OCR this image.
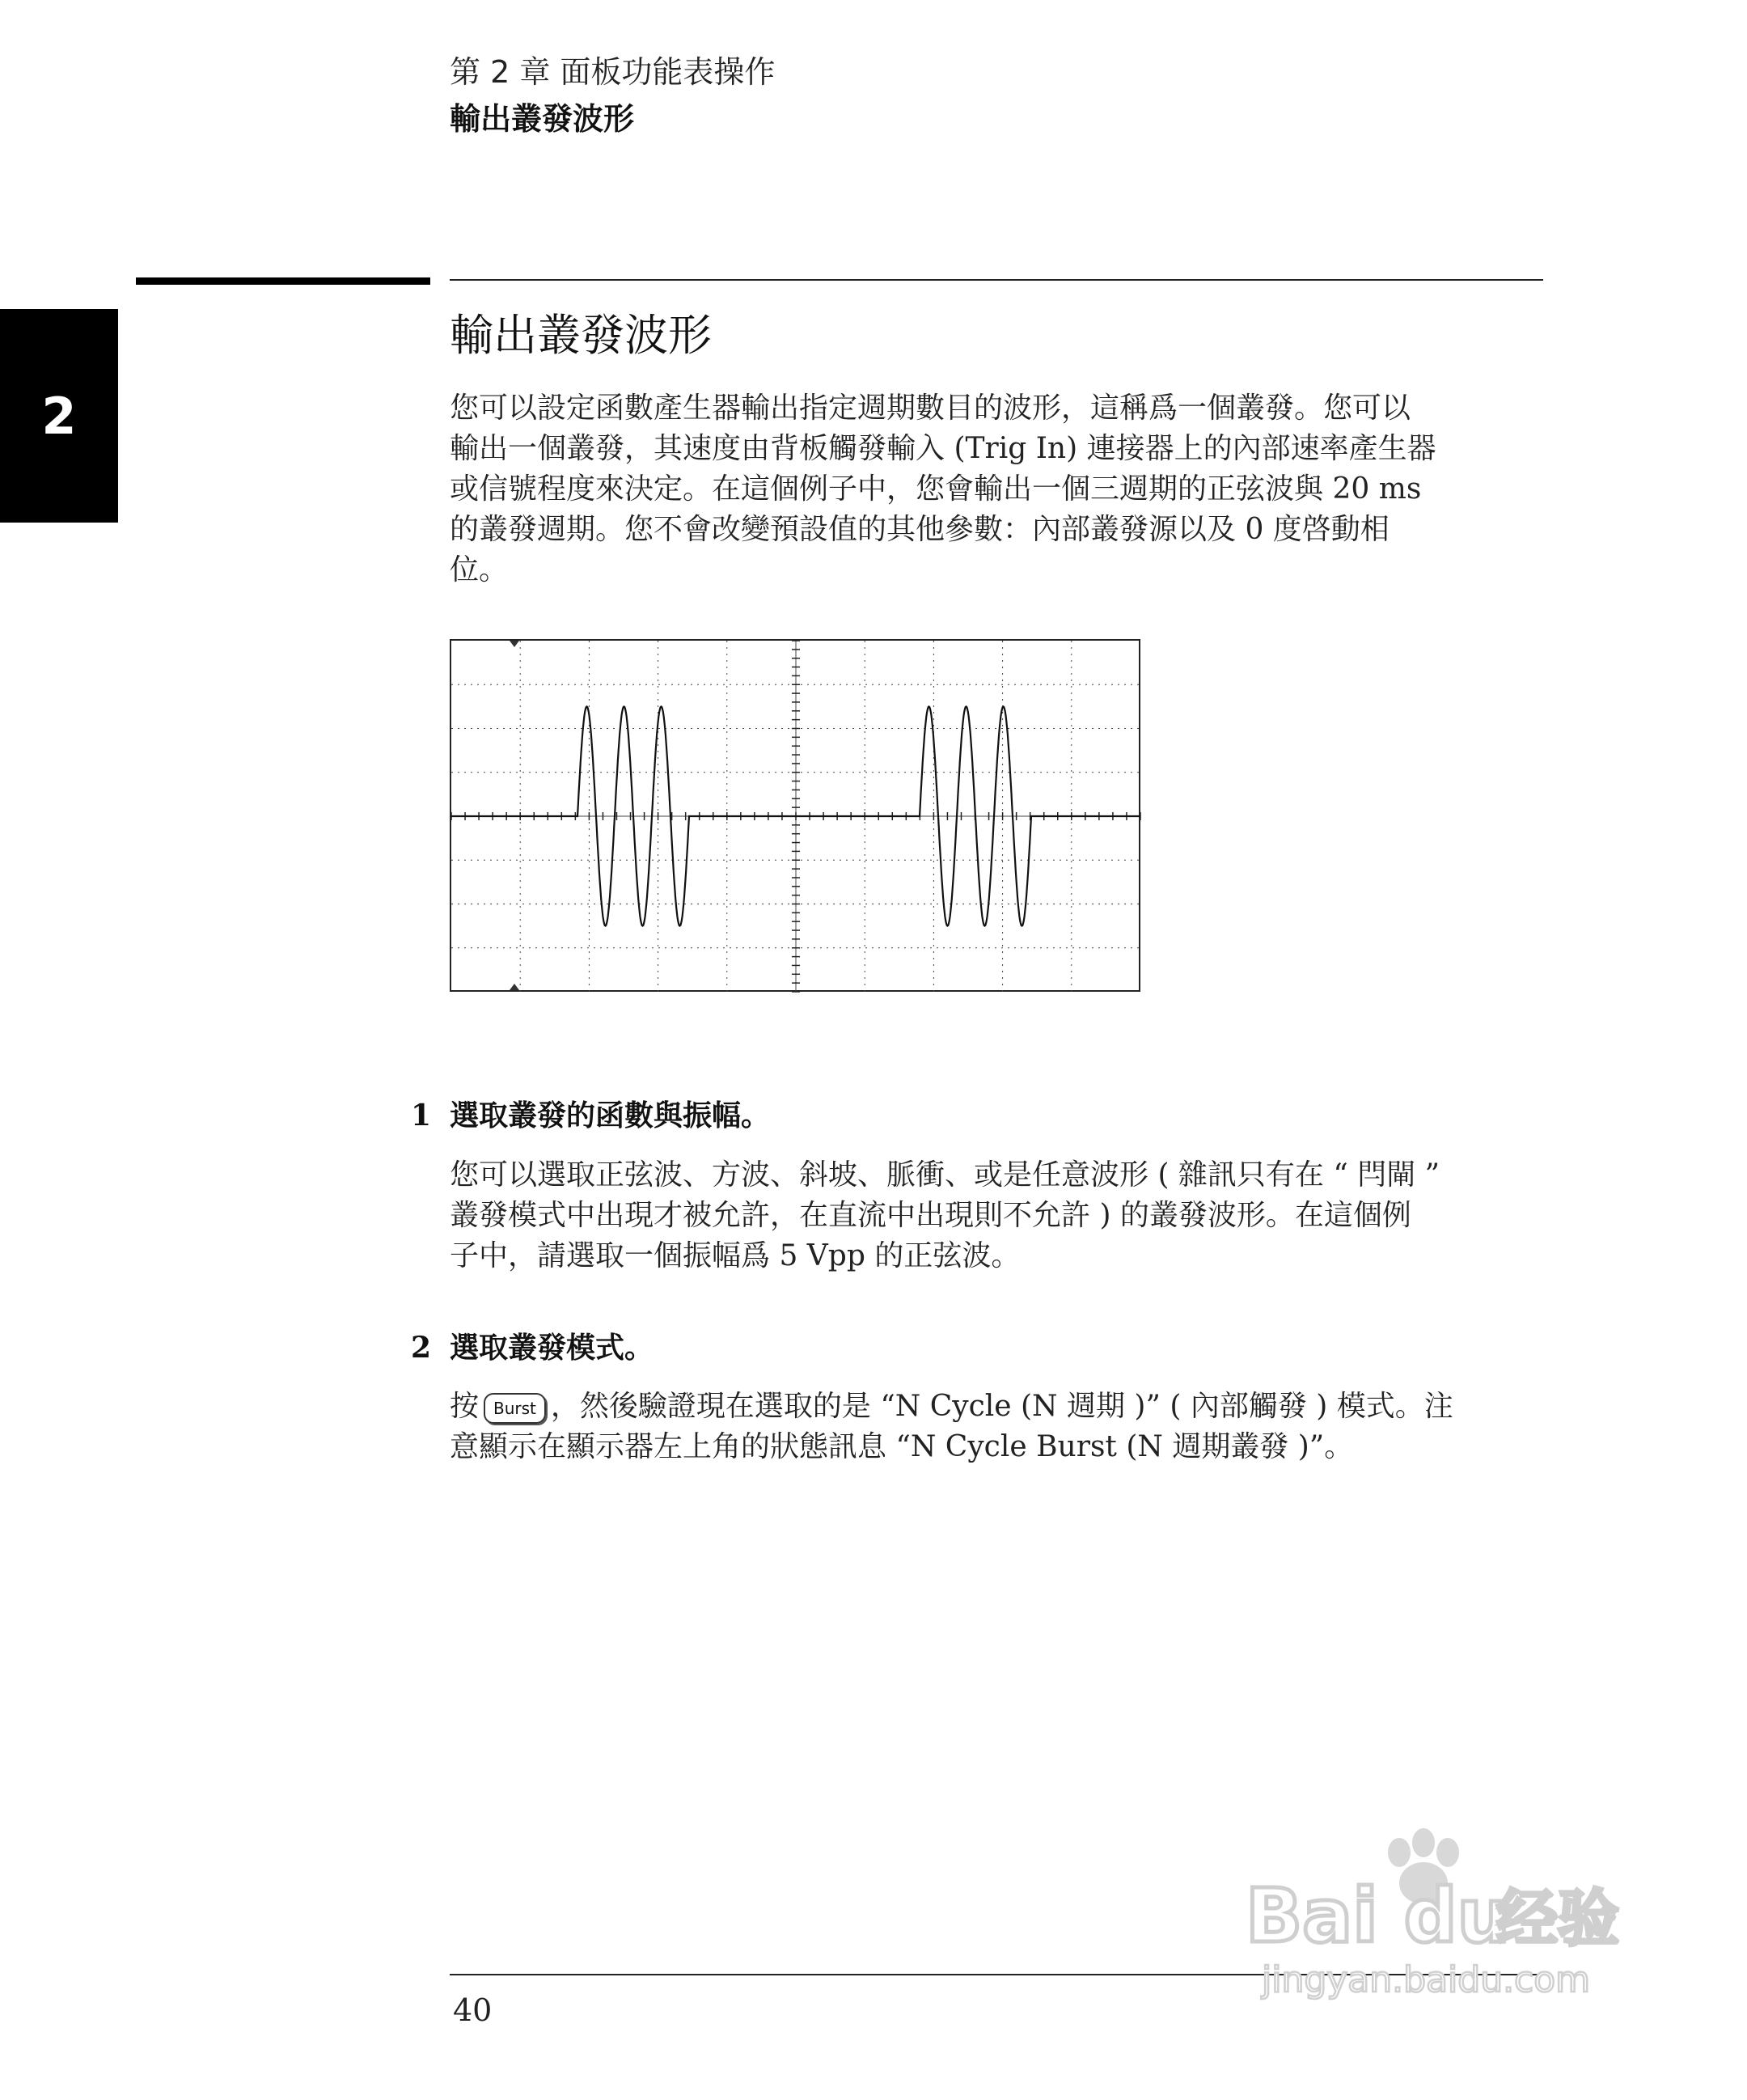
第 2 章 面板功能表操作
輸出叢發波形
2
輸出叢發波形
您可以設定函數產生器輸出指定週期數目的波形，這稱爲一個叢發。您可以
輸出一個叢發，其速度由背板觸發輸入 (Trig In) 連接器上的內部速率產生器
或信號程度來決定。在這個例子中，您會輸出一個三週期的正弦波與 20 ms
的叢發週期。您不會改變預設值的其他參數：內部叢發源以及 0 度啓動相
位。
1 選取叢發的函數與振幅。
您可以選取正弦波、方波、斜坡、脈衝、或是任意波形 ( 雜訊只有在 “ 閂閘 ”
叢發模式中出現才被允許，在直流中出現則不允許 ) 的叢發波形。在這個例
子中，請選取一個振幅爲 5 Vpp 的正弦波。
2 選取叢發模式。
按 Burst ，然後驗證現在選取的是 “N Cycle (N 週期 )” ( 內部觸發 ) 模式。注
意顯示在顯示器左上角的狀態訊息 “N Cycle Burst (N 週期叢發 )”。
40
Bai du
经验
jingyan.baidu.com
